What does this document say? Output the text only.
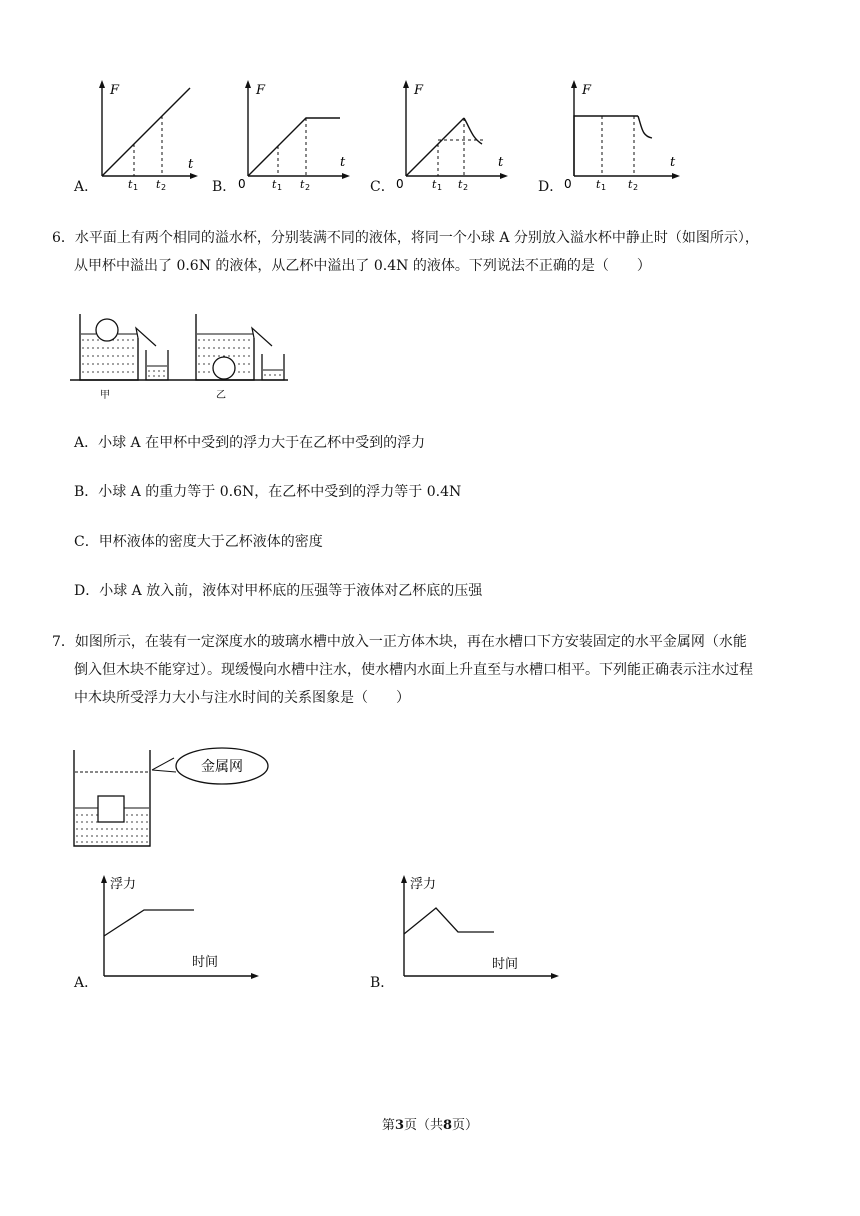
F
t
t 1 t 2
A．
F
t
0 t 1 t 2
B．
F
t
0	t 1 t 2
C．
F
t
0 t 1 t 2
D．
6．水平面上有两个相同的溢水杯，分别装满不同的液体，将同一个小球 A 分别放入溢水杯中静止时（如图所示），
从甲杯中溢出了 0.6N 的液体，从乙杯中溢出了 0.4N 的液体。下列说法不正确的是（　　）
甲	乙
A．小球 A 在甲杯中受到的浮力大于在乙杯中受到的浮力
B．小球 A 的重力等于 0.6N，在乙杯中受到的浮力等于 0.4N
C．甲杯液体的密度大于乙杯液体的密度
D．小球 A 放入前，液体对甲杯底的压强等于液体对乙杯底的压强
7．如图所示，在装有一定深度水的玻璃水槽中放入一正方体木块，再在水槽口下方安装固定的水平金属网（水能
倒入但木块不能穿过）。现缓慢向水槽中注水，使水槽内水面上升直至与水槽口相平。下列能正确表示注水过程
中木块所受浮力大小与注水时间的关系图象是（　　）
金属网
浮力
时间
A．
浮力
时间
B．
第3页（共8页）
